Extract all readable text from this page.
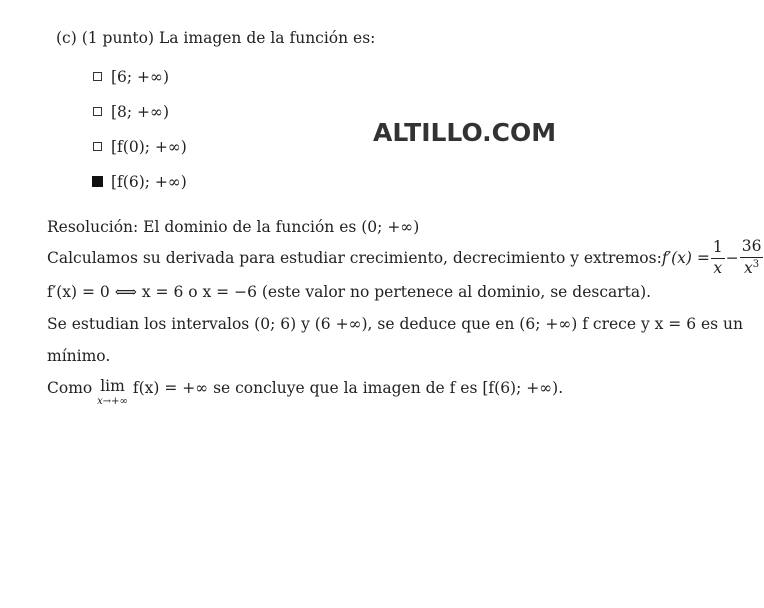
(c) (1 punto) La imagen de la función es:
[6; +∞)
[8; +∞)
[f(0); +∞)
[f(6); +∞)
ALTILLO.COM
Resolución: El dominio de la función es (0; +∞)
Calculamos su derivada para estudiar crecimiento, decrecimiento y extremos: $f'(x) = \frac{1}{x} - \frac{36}{x^3}$
f′(x) = 0 ⟺ x = 6 o x = −6 (este valor no pertenece al dominio, se descarta).
Se estudian los intervalos (0; 6) y (6 +∞), se deduce que en (6; +∞) f crece y x = 6 es un
mínimo.
Como lim
x→+∞
f(x) = +∞ se concluye que la imagen de f es [f(6); +∞).
